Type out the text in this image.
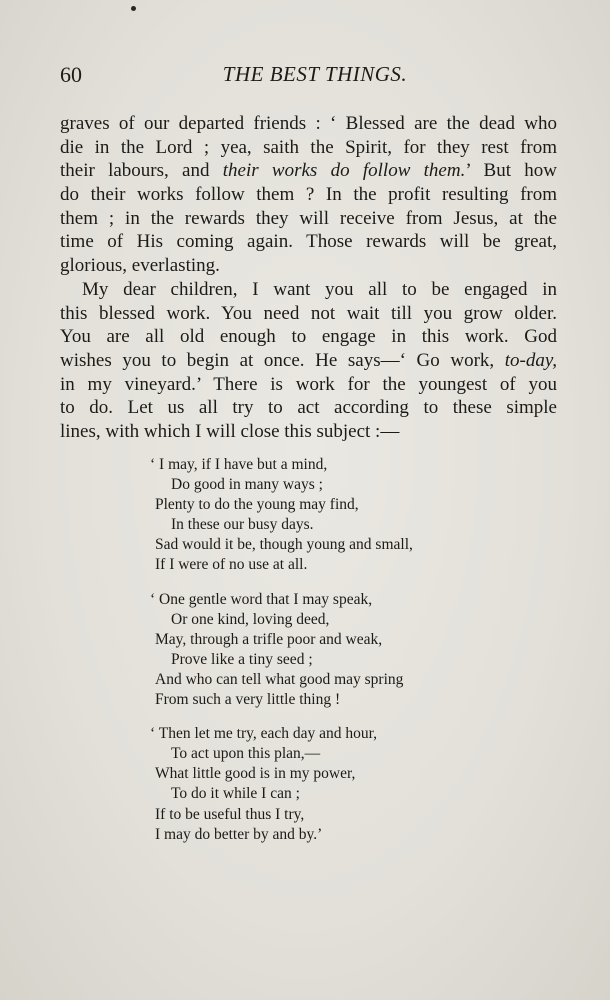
60	THE BEST THINGS.
graves of our departed friends : ‘ Blessed are the dead who
die in the Lord ; yea, saith the Spirit, for they rest from
their labours, and their works do follow them.’ But how
do their works follow them ? In the profit resulting from
them ; in the rewards they will receive from Jesus, at the
time of His coming again. Those rewards will be great,
glorious, everlasting.
My dear children, I want you all to be engaged in
this blessed work. You need not wait till you grow older.
You are all old enough to engage in this work. God
wishes you to begin at once. He says—‘ Go work, to-day,
in my vineyard.’ There is work for the youngest of you
to do. Let us all try to act according to these simple
lines, with which I will close this subject :—
‘ I may, if I have but a mind,
Do good in many ways ;
Plenty to do the young may find,
In these our busy days.
Sad would it be, though young and small,
If I were of no use at all.
‘ One gentle word that I may speak,
Or one kind, loving deed,
May, through a trifle poor and weak,
Prove like a tiny seed ;
And who can tell what good may spring
From such a very little thing !
‘ Then let me try, each day and hour,
To act upon this plan,—
What little good is in my power,
To do it while I can ;
If to be useful thus I try,
I may do better by and by.’
